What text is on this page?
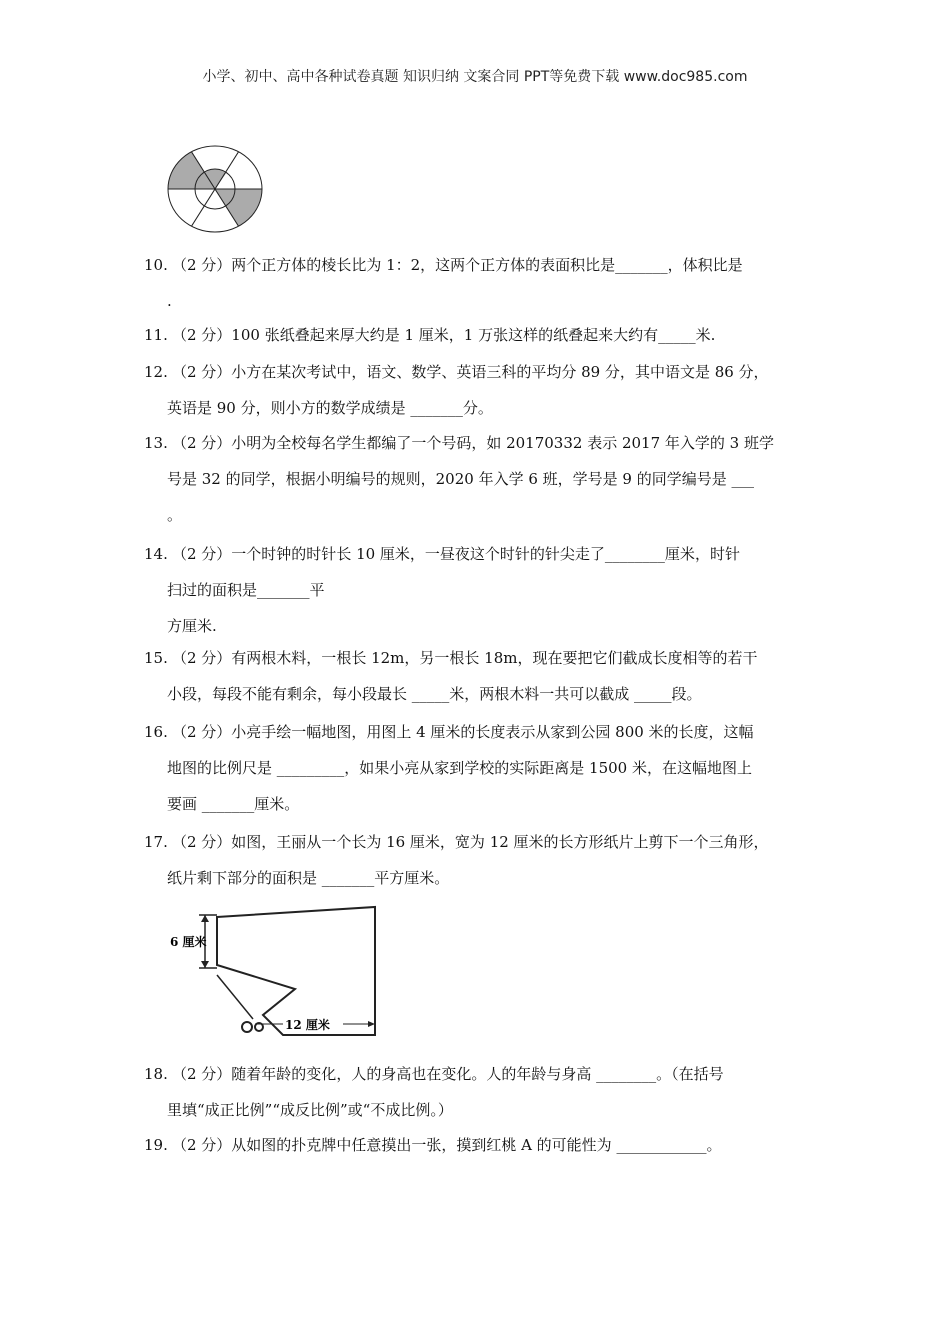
小学、初中、高中各种试卷真题 知识归纳 文案合同 PPT等免费下载 www.doc985.com
10. （2 分）两个正方体的棱长比为 1：2，这两个正方体的表面积比是_______，体积比是
.
11. （2 分）100 张纸叠起来厚大约是 1 厘米，1 万张这样的纸叠起来大约有_____米.
12. （2 分）小方在某次考试中，语文、数学、英语三科的平均分 89 分，其中语文是 86 分，
英语是 90 分，则小方的数学成绩是 _______分。
13. （2 分）小明为全校每名学生都编了一个号码，如 20170332 表示 2017 年入学的 3 班学
号是 32 的同学，根据小明编号的规则，2020 年入学 6 班，学号是 9 的同学编号是 ___
。
14. （2 分）一个时钟的时针长 10 厘米，一昼夜这个时针的针尖走了________厘米，时针
扫过的面积是_______平
方厘米.
15. （2 分）有两根木料，一根长 12m，另一根长 18m，现在要把它们截成长度相等的若干
小段，每段不能有剩余，每小段最长 _____米，两根木料一共可以截成 _____段。
16. （2 分）小亮手绘一幅地图，用图上 4 厘米的长度表示从家到公园 800 米的长度，这幅
地图的比例尺是 _________，如果小亮从家到学校的实际距离是 1500 米，在这幅地图上
要画 _______厘米。
17. （2 分）如图，王丽从一个长为 16 厘米，宽为 12 厘米的长方形纸片上剪下一个三角形，
纸片剩下部分的面积是 _______平方厘米。
18. （2 分）随着年龄的变化，人的身高也在变化。人的年龄与身高 ________。（在括号
里填“成正比例”“成反比例”或“不成比例。）
19. （2 分）从如图的扑克牌中任意摸出一张，摸到红桃 A 的可能性为 ____________。
6 厘米
12 厘米
